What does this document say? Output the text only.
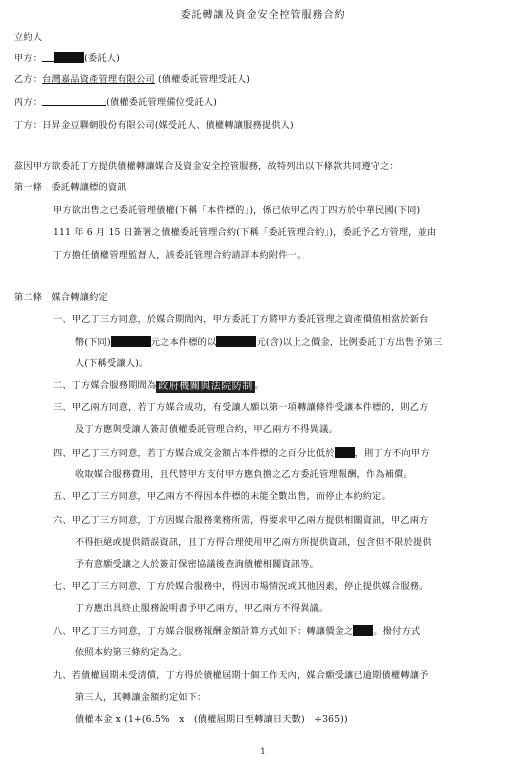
委託轉讓及資金安全控管服務合約
立約人
甲方：	(委託人)
乙方：台灣嘉品資產管理有限公司 (債權委託管理受託人)
丙方：	(債權委託管理備位受託人)
丁方：日昇金豆聯網股份有限公司(媒受託人、債權轉讓服務提供人)
茲因甲方欲委託丁方提供債權轉讓媒合及資金安全控管服務，故特列出以下條款共同遵守之：
第一條　委託轉讓標的資訊
甲方欲出售之已委託管理債權(下稱「本件標的」)，係已依甲乙丙丁四方於中華民國(下同)
111 年 6 月 15 日簽署之債權委託管理合約(下稱「委託管理合約」)，委託予乙方管理，並由
丁方擔任債權管理監督人，該委託管理合約請詳本約附件一。
第二條　媒合轉讓約定
一、甲乙丁三方同意，於媒合期間內，甲方委託丁方將甲方委託管理之資產價值相當於新台
幣(下同)	元之本件標的以	元(含)以上之價金，比例委託丁方出售予第三
人(下稱受讓人)。
二、丁方媒合服務期間為 政府機關與法院防制 。
三、甲乙兩方同意，若丁方媒合成功，有受讓人願以第一項轉讓條件受讓本件標的，則乙方
及丁方應與受讓人簽訂債權委託管理合約，甲乙兩方不得異議。
四、甲乙丁三方同意，若丁方媒合成交金額占本件標的之百分比低於 ，則丁方不向甲方
收取媒合服務費用，且代替甲方支付甲方應負擔之乙方委託管理報酬，作為補償。
五、甲乙丁三方同意，甲乙兩方不得因本件標的未能全數出售，而停止本約約定。
六、甲乙丁三方同意，丁方因媒合服務業務所需，得要求甲乙兩方提供相關資訊，甲乙兩方
不得拒絕或提供錯誤資訊，且丁方得合理使用甲乙兩方所提供資訊，包含但不限於提供
予有意願受讓之人於簽訂保密協議後查詢債權相關資訊等。
七、甲乙丁三方同意，丁方於媒合服務中，得因市場情況或其他因素，停止提供媒合服務。
丁方應出具終止服務說明書予甲乙兩方，甲乙兩方不得異議。
八、甲乙丁三方同意，丁方媒合服務報酬金額計算方式如下：轉讓價金之 。撥付方式
依照本約第三條約定為之。
九、若債權屆期未受清償，丁方得於債權屆期十個工作天內，媒合願受讓已逾期債權轉讓予
第三人，其轉讓金額約定如下：
債權本金 x (1+(6.5%　x　(債權屆期日至轉讓日天數)　÷365))
1
